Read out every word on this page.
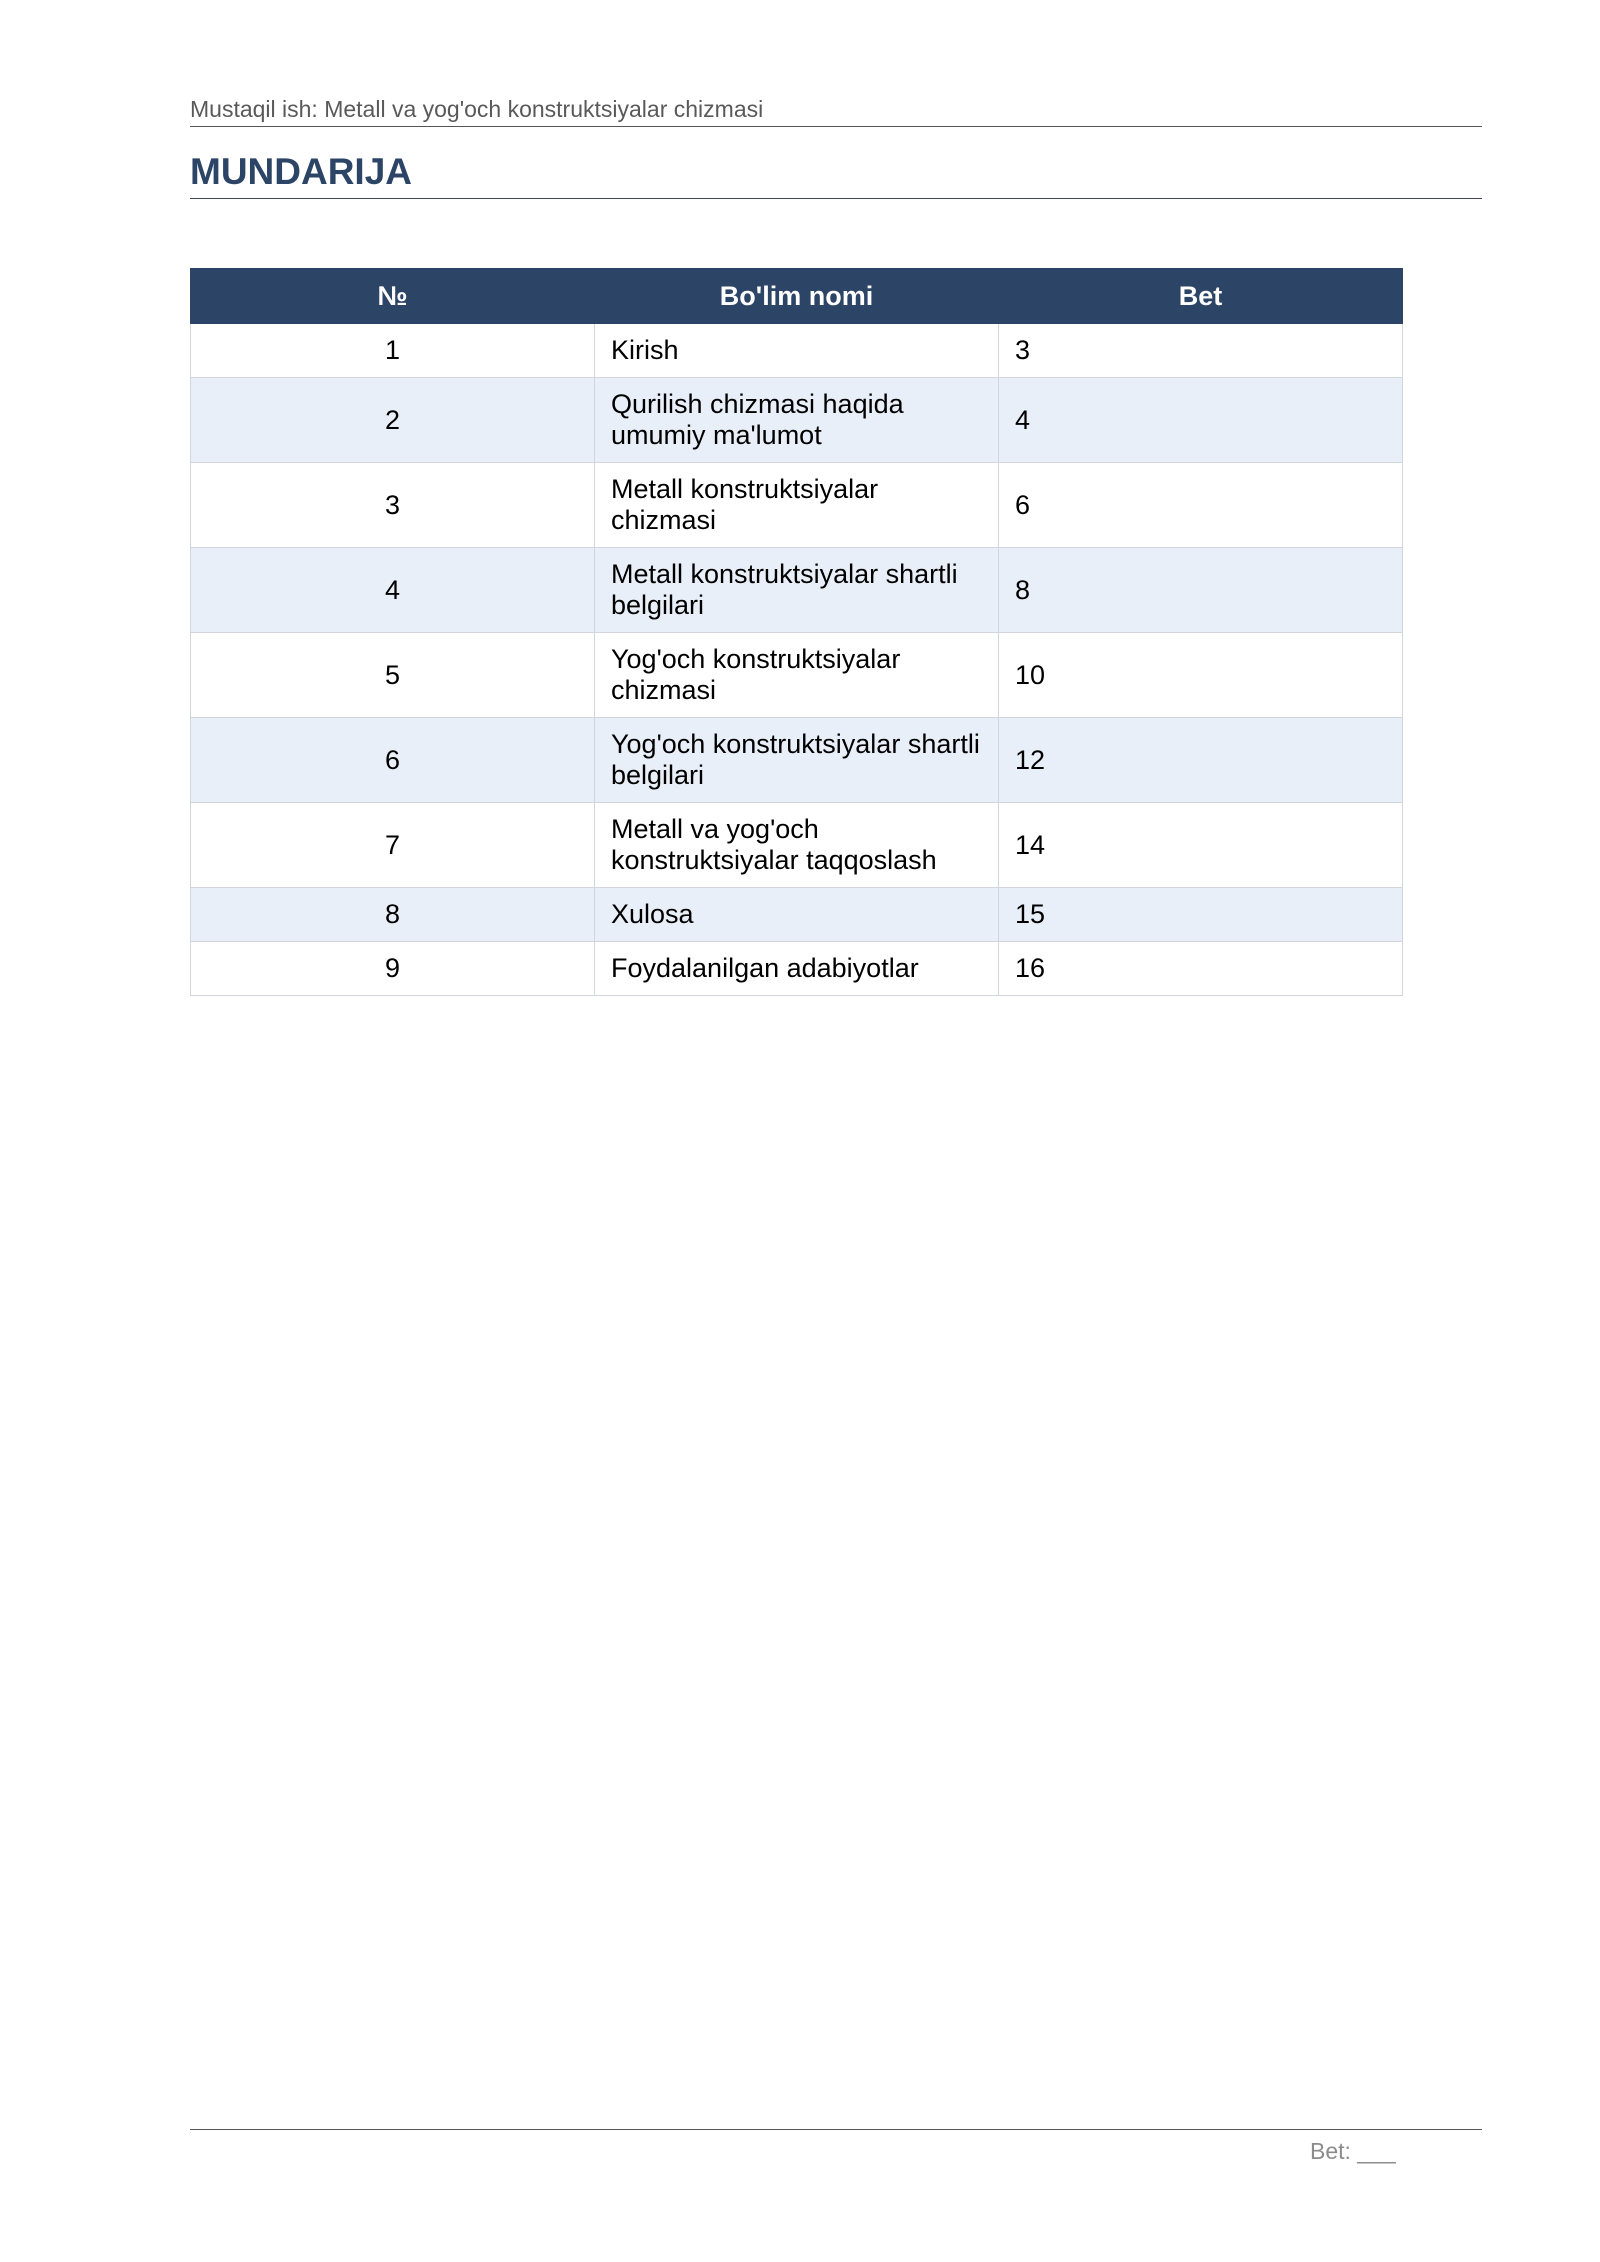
Mustaqil ish: Metall va yog'och konstruktsiyalar chizmasi
MUNDARIJA
№	Bo'lim nomi	Bet
1	Kirish	3
2	Qurilish chizmasi haqida umumiy ma'lumot	4
3	Metall konstruktsiyalar chizmasi	6
4	Metall konstruktsiyalar shartli belgilari	8
5	Yog'och konstruktsiyalar chizmasi	10
6	Yog'och konstruktsiyalar shartli belgilari	12
7	Metall va yog'och konstruktsiyalar taqqoslash	14
8	Xulosa	15
9	Foydalanilgan adabiyotlar	16
Bet: ___
